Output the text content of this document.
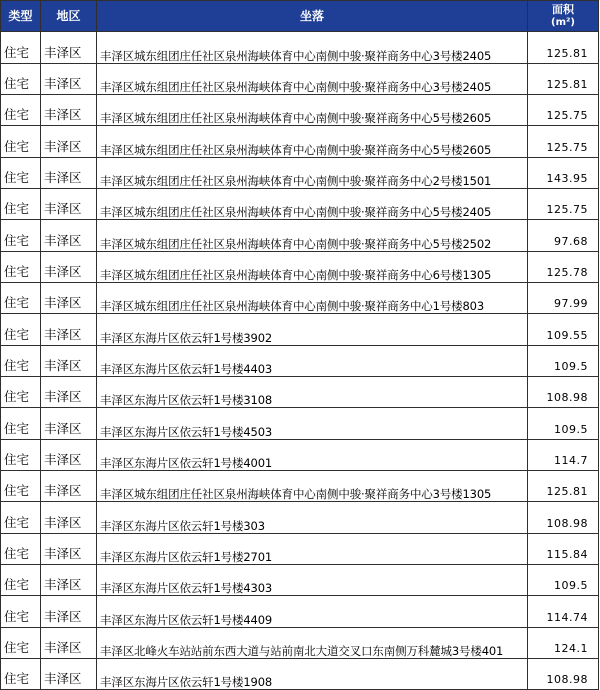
类型	地区	坐落	面积
(m²)

住宅	丰泽区	丰泽区城东组团庄任社区泉州海峡体育中心南侧中骏·聚祥商务中心3号楼2405	125.81
住宅	丰泽区	丰泽区城东组团庄任社区泉州海峡体育中心南侧中骏·聚祥商务中心3号楼2405	125.81
住宅	丰泽区	丰泽区城东组团庄任社区泉州海峡体育中心南侧中骏·聚祥商务中心5号楼2605	125.75
住宅	丰泽区	丰泽区城东组团庄任社区泉州海峡体育中心南侧中骏·聚祥商务中心5号楼2605	125.75
住宅	丰泽区	丰泽区城东组团庄任社区泉州海峡体育中心南侧中骏·聚祥商务中心2号楼1501	143.95
住宅	丰泽区	丰泽区城东组团庄任社区泉州海峡体育中心南侧中骏·聚祥商务中心5号楼2405	125.75
住宅	丰泽区	丰泽区城东组团庄任社区泉州海峡体育中心南侧中骏·聚祥商务中心5号楼2502	97.68
住宅	丰泽区	丰泽区城东组团庄任社区泉州海峡体育中心南侧中骏·聚祥商务中心6号楼1305	125.78
住宅	丰泽区	丰泽区城东组团庄任社区泉州海峡体育中心南侧中骏·聚祥商务中心1号楼803	97.99
住宅	丰泽区	丰泽区东海片区依云轩1号楼3902	109.55
住宅	丰泽区	丰泽区东海片区依云轩1号楼4403	109.5
住宅	丰泽区	丰泽区东海片区依云轩1号楼3108	108.98
住宅	丰泽区	丰泽区东海片区依云轩1号楼4503	109.5
住宅	丰泽区	丰泽区东海片区依云轩1号楼4001	114.7
住宅	丰泽区	丰泽区城东组团庄任社区泉州海峡体育中心南侧中骏·聚祥商务中心3号楼1305	125.81
住宅	丰泽区	丰泽区东海片区依云轩1号楼303	108.98
住宅	丰泽区	丰泽区东海片区依云轩1号楼2701	115.84
住宅	丰泽区	丰泽区东海片区依云轩1号楼4303	109.5
住宅	丰泽区	丰泽区东海片区依云轩1号楼4409	114.74
住宅	丰泽区	丰泽区北峰火车站站前东西大道与站前南北大道交叉口东南侧万科麓城3号楼401	124.1
住宅	丰泽区	丰泽区东海片区依云轩1号楼1908	108.98
